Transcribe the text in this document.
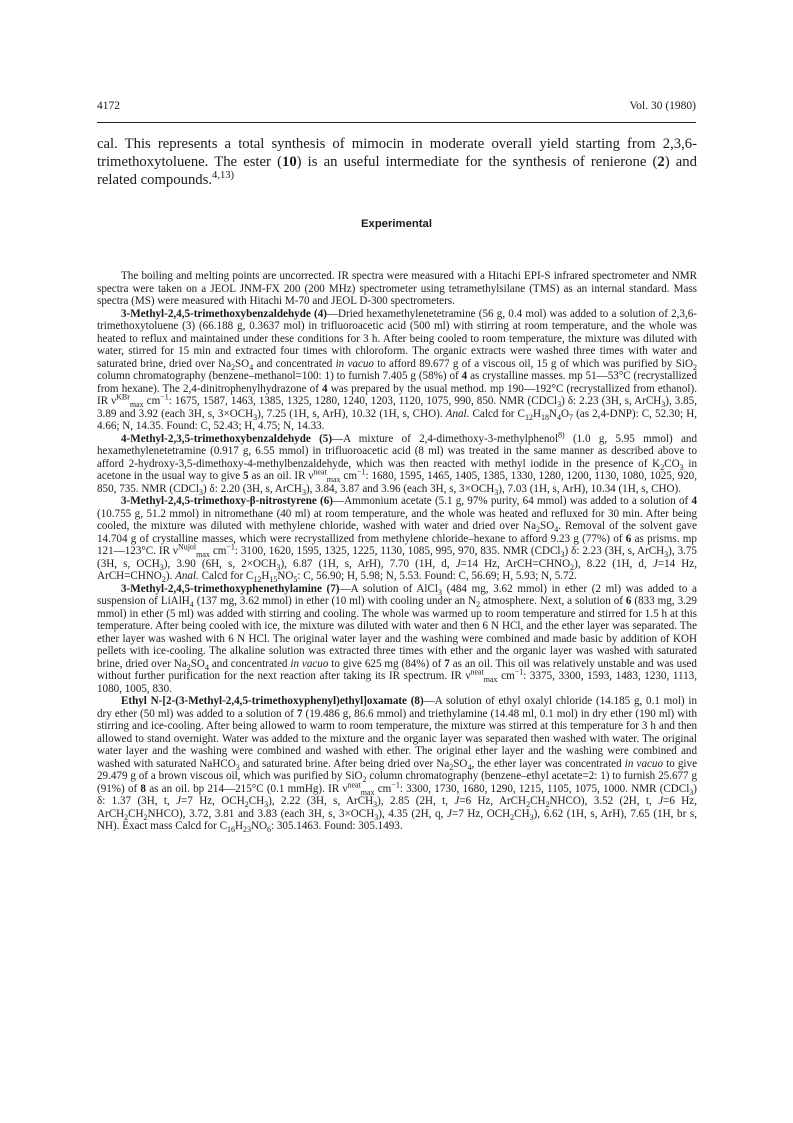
4172	Vol. 30 (1980)
cal. This represents a total synthesis of mimocin in moderate overall yield starting from 2,3,6-trimethoxytoluene. The ester (10) is an useful intermediate for the synthesis of renierone (2) and related compounds.$^{4,13)}$
Experimental

The boiling and melting points are uncorrected. IR spectra were measured with a Hitachi EPI-S infrared spectrometer and NMR spectra were taken on a JEOL JNM-FX 200 (200 MHz) spectrometer using tetramethylsilane (TMS) as an internal standard. Mass spectra (MS) were measured with Hitachi M-70 and JEOL D-300 spectrometers.

3-Methyl-2,4,5-trimethoxybenzaldehyde (4)—Dried hexamethylenetetramine (56 g, 0.4 mol) was added to a solution of 2,3,6-trimethoxytoluene (3) (66.188 g, 0.3637 mol) in trifluoroacetic acid (500 ml) with stirring at room temperature, and the whole was heated to reflux and maintained under these conditions for 3 h. After being cooled to room temperature, the mixture was diluted with water, stirred for 15 min and extracted four times with chloroform. The organic extracts were washed three times with water and saturated brine, dried over $Na_2SO_4$ and concentrated in vacuo to afford 89.677 g of a viscous oil, 15 g of which was purified by SiO$_2$ column chromatography (benzene–methanol=100: 1) to furnish 7.405 g (58%) of 4 as crystalline masses. mp 51—53°C (recrystallized from hexane). The 2,4-dinitrophenylhydrazone of 4 was prepared by the usual method. mp 190—192°C (recrystallized from ethanol). IR $\nu^{KBr}_{max}$ $cm^{-1}$: 1675, 1587, 1463, 1385, 1325, 1280, 1240, 1203, 1120, 1075, 990, 850. NMR (CDCl$_3$) δ: 2.23 (3H, s, ArCH$_3$), 3.85, 3.89 and 3.92 (each 3H, s, $3\times OCH_3$), 7.25 (1H, s, ArH), 10.32 (1H, s, CHO). Anal. Calcd for $C_{12}H_{18}N_4O_7$ (as 2,4-DNP): C, 52.30; H, 4.66; N, 14.35. Found: C, 52.43; H, 4.75; N, 14.33.

4-Methyl-2,3,5-trimethoxybenzaldehyde (5)—A mixture of 2,4-dimethoxy-3-methylphenol$^{8)}$ (1.0 g, 5.95 mmol) and hexamethylenetetramine (0.917 g, 6.55 mmol) in trifluoroacetic acid (8 ml) was treated in the same manner as described above to afford 2-hydroxy-3,5-dimethoxy-4-methylbenzaldehyde, which was then reacted with methyl iodide in the presence of $K_2CO_3$ in acetone in the usual way to give 5 as an oil. IR $\nu^{neat}_{max}$ $cm^{-1}$: 1680, 1595, 1465, 1405, 1385, 1330, 1280, 1200, 1130, 1080, 1025, 920, 850, 735. NMR (CDCl$_3$) δ: 2.20 (3H, s, ArCH$_3$), 3.84, 3.87 and 3.96 (each 3H, s, $3\times OCH_3$), 7.03 (1H, s, ArH), 10.34 (1H, s, CHO).

3-Methyl-2,4,5-trimethoxy-β-nitrostyrene (6)—Ammonium acetate (5.1 g, 97% purity, 64 mmol) was added to a solution of 4 (10.755 g, 51.2 mmol) in nitromethane (40 ml) at room temperature, and the whole was heated and refluxed for 30 min. After being cooled, the mixture was diluted with methylene chloride, washed with water and dried over $Na_2SO_4$. Removal of the solvent gave 14.704 g of crystalline masses, which were recrystallized from methylene chloride–hexane to afford 9.23 g (77%) of 6 as prisms. mp 121—123°C. IR $\nu^{Nujol}_{max}$ $cm^{-1}$: 3100, 1620, 1595, 1325, 1225, 1130, 1085, 995, 970, 835. NMR (CDCl$_3$) δ: 2.23 (3H, s, ArCH$_3$), 3.75 (3H, s, $OCH_3$), 3.90 (6H, s, $2\times OCH_3$), 6.87 (1H, s, ArH), 7.70 (1H, d, J=14 Hz, $ArCH=CHNO_2$), 8.22 (1H, d, J=14 Hz, $ArCH=CHNO_2$). Anal. Calcd for $C_{12}H_{15}NO_5$: C, 56.90; H, 5.98; N, 5.53. Found: C, 56.69; H, 5.93; N, 5.72.

3-Methyl-2,4,5-trimethoxyphenethylamine (7)—A solution of AlCl$_3$ (484 mg, 3.62 mmol) in ether (2 ml) was added to a suspension of LiAlH$_4$ (137 mg, 3.62 mmol) in ether (10 ml) with cooling under an $N_2$ atmosphere. Next, a solution of 6 (833 mg, 3.29 mmol) in ether (5 ml) was added with stirring and cooling. The whole was warmed up to room temperature and stirred for 1.5 h at this temperature. After being cooled with ice, the mixture was diluted with water and then 6 N HCl, and the ether layer was separated. The ether layer was washed with 6 N HCl. The original water layer and the washing were combined and made basic by addition of KOH pellets with ice-cooling. The alkaline solution was extracted three times with ether and the organic layer was washed with saturated brine, dried over $Na_2SO_4$ and concentrated in vacuo to give 625 mg (84%) of 7 as an oil. This oil was relatively unstable and was used without further purification for the next reaction after taking its IR spectrum. IR $\nu^{neat}_{max}$ $cm^{-1}$: 3375, 3300, 1593, 1483, 1230, 1113, 1080, 1005, 830.

Ethyl N-[2-(3-Methyl-2,4,5-trimethoxyphenyl)ethyl]oxamate (8)—A solution of ethyl oxalyl chloride (14.185 g, 0.1 mol) in dry ether (50 ml) was added to a solution of 7 (19.486 g, 86.6 mmol) and triethylamine (14.48 ml, 0.1 mol) in dry ether (190 ml) with stirring and ice-cooling. After being allowed to warm to room temperature, the mixture was stirred at this temperature for 3 h and then allowed to stand overnight. Water was added to the mixture and the organic layer was separated then washed with water. The original water layer and the washing were combined and washed with ether. The original ether layer and the washing were combined and washed with saturated NaHCO$_3$ and saturated brine. After being dried over $Na_2SO_4$, the ether layer was concentrated in vacuo to give 29.479 g of a brown viscous oil, which was purified by SiO$_2$ column chromatography (benzene–ethyl acetate=2: 1) to furnish 25.677 g (91%) of 8 as an oil. bp 214—215°C (0.1 mmHg). IR $\nu^{neat}_{max}$ $cm^{-1}$: 3300, 1730, 1680, 1290, 1215, 1105, 1075, 1000. NMR (CDCl$_3$) δ: 1.37 (3H, t, J=7 Hz, $OCH_2CH_3$), 2.22 (3H, s, ArCH$_3$), 2.85 (2H, t, J=6 Hz, $ArCH_2CH_2NHCO$), 3.52 (2H, t, J=6 Hz, $ArCH_2CH_2NHCO$), 3.72, 3.81 and 3.83 (each 3H, s, $3\times OCH_3$), 4.35 (2H, q, J=7 Hz, $OCH_2CH_3$), 6.62 (1H, s, ArH), 7.65 (1H, br s, NH). Exact mass Calcd for $C_{16}H_{23}NO_6$: 305.1463. Found: 305.1493.
